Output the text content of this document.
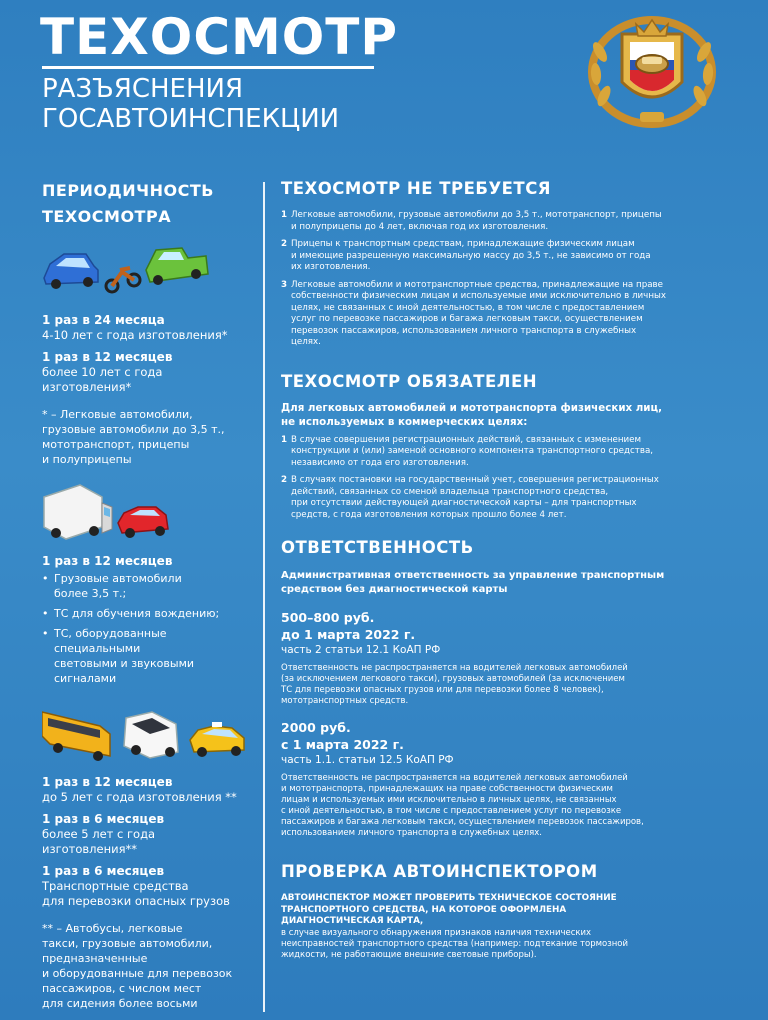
ТЕХОСМОТР
РАЗЪЯСНЕНИЯ
ГОСАВТОИНСПЕКЦИИ
ПЕРИОДИЧНОСТЬ
ТЕХОСМОТРА
1 раз в 24 месяца
4-10 лет с года изготовления*
1 раз в 12 месяцев
более 10 лет с года
изготовления*
* – Легковые автомобили,
грузовые автомобили до 3,5 т.,
мототранспорт, прицепы
и полуприцепы
1 раз в 12 месяцев
• Грузовые автомобили
более 3,5 т.;
• ТС для обучения вождению;
• ТС, оборудованные
специальными
световыми и звуковыми
сигналами
1 раз в 12 месяцев
до 5 лет с года изготовления **
1 раз в 6 месяцев
более 5 лет с года
изготовления**
1 раз в 6 месяцев
Транспортные средства
для перевозки опасных грузов
** – Автобусы, легковые
такси, грузовые автомобили,
предназначенные
и оборудованные для перевозок
пассажиров, с числом мест
для сидения более восьми
ТЕХОСМОТР НЕ ТРЕБУЕТСЯ
1 Легковые автомобили, грузовые автомобили до 3,5 т., мототранспорт, прицепы
и полуприцепы до 4 лет, включая год их изготовления.
2 Прицепы к транспортным средствам, принадлежащие физическим лицам
и имеющие разрешенную максимальную массу до 3,5 т., не зависимо от года
их изготовления.
3 Легковые автомобили и мототранспортные средства, принадлежащие на праве
собственности физическим лицам и используемые ими исключительно в личных
целях, не связанных с иной деятельностью, в том числе с предоставлением
услуг по перевозке пассажиров и багажа легковым такси, осуществлением
перевозок пассажиров, использованием личного транспорта в служебных
целях.
ТЕХОСМОТР ОБЯЗАТЕЛЕН
Для легковых автомобилей и мототранспорта физических лиц,
не используемых в коммерческих целях:
1 В случае совершения регистрационных действий, связанных с изменением
конструкции и (или) заменой основного компонента транспортного средства,
независимо от года его изготовления.
2 В случаях постановки на государственный учет, совершения регистрационных
действий, связанных со сменой владельца транспортного средства,
при отсутствии действующей диагностической карты – для транспортных
средств, с года изготовления которых прошло более 4 лет.
ОТВЕТСТВЕННОСТЬ
Административная ответственность за управление транспортным
средством без диагностической карты
500–800 руб.
до 1 марта 2022 г.
часть 2 статьи 12.1 КоАП РФ
Ответственность не распространяется на водителей легковых автомобилей
(за исключением легкового такси), грузовых автомобилей (за исключением
ТС для перевозки опасных грузов или для перевозки более 8 человек),
мототранспортных средств.
2000 руб.
с 1 марта 2022 г.
часть 1.1. статьи 12.5 КоАП РФ
Ответственность не распространяется на водителей легковых автомобилей
и мототранспорта, принадлежащих на праве собственности физическим
лицам и используемых ими исключительно в личных целях, не связанных
с иной деятельностью, в том числе с предоставлением услуг по перевозке
пассажиров и багажа легковым такси, осуществлением перевозок пассажиров,
использованием личного транспорта в служебных целях.
ПРОВЕРКА АВТОИНСПЕКТОРОМ
АВТОИНСПЕКТОР МОЖЕТ ПРОВЕРИТЬ ТЕХНИЧЕСКОЕ СОСТОЯНИЕ
ТРАНСПОРТНОГО СРЕДСТВА, НА КОТОРОЕ ОФОРМЛЕНА
ДИАГНОСТИЧЕСКАЯ КАРТА,
в случае визуального обнаружения признаков наличия технических
неисправностей транспортного средства (например: подтекание тормозной
жидкости, не работающие внешние световые приборы).
